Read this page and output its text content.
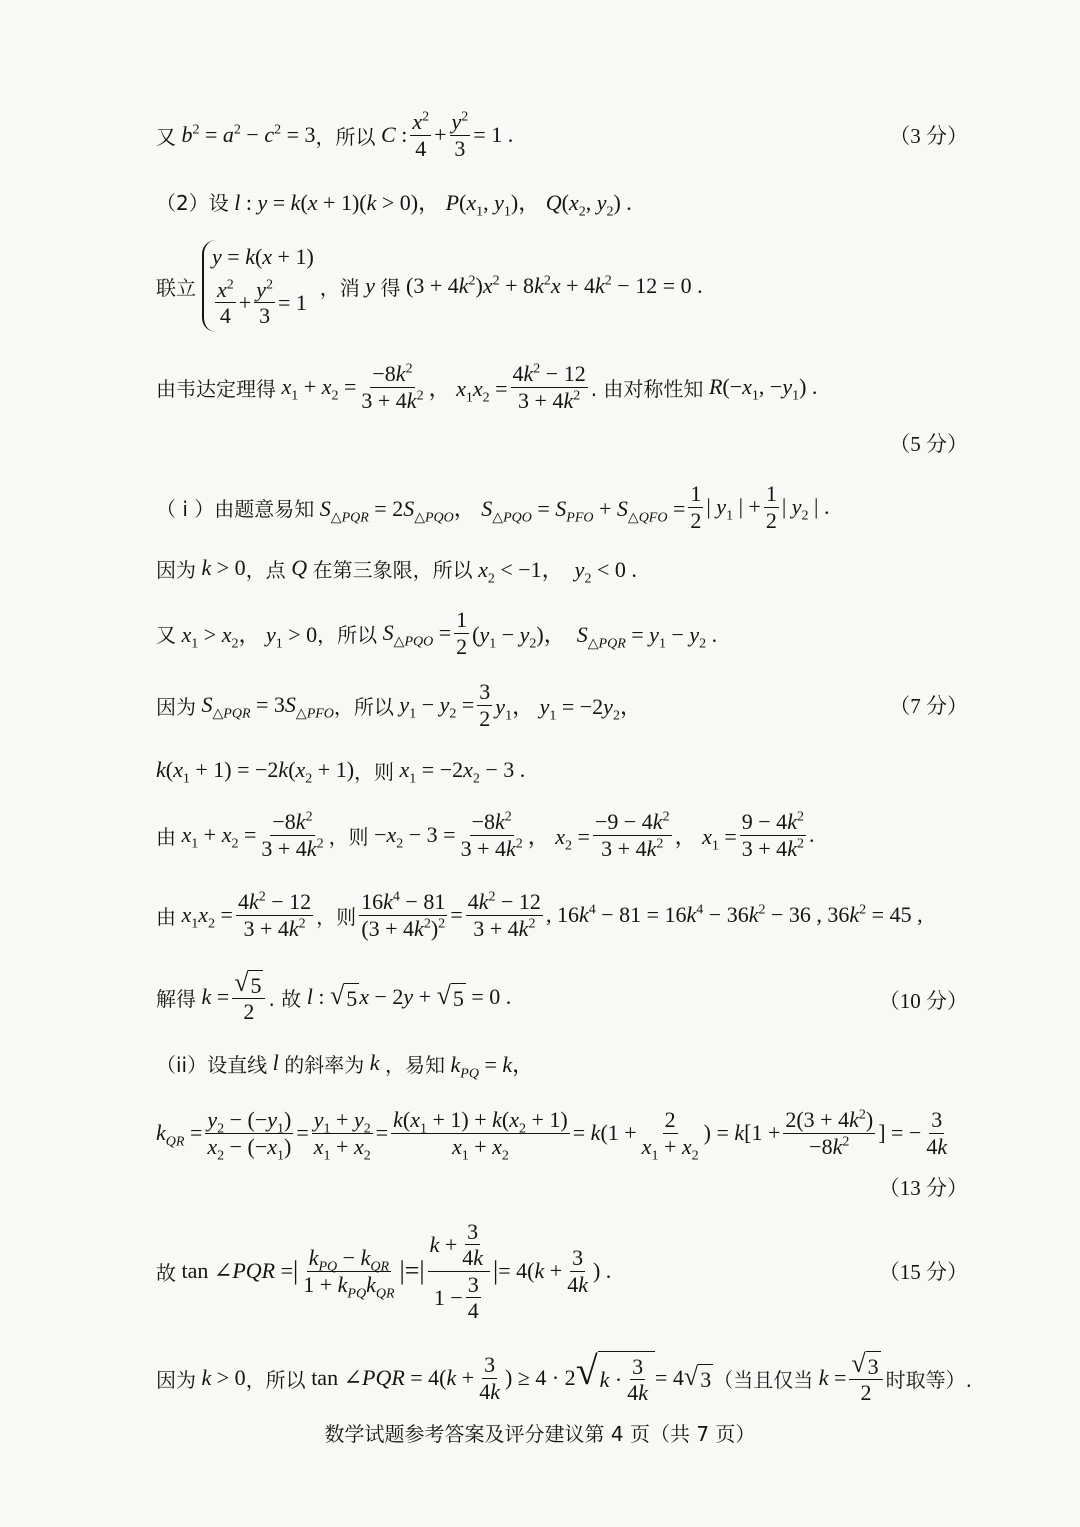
又 $b^2 = a^2 - c^2 = 3$ ，所以 C : $\frac{x^2}{4} + \frac{y^2}{3} = 1$ .	（3 分）
（2）设 l : y = k(x + 1)(k > 0)， $P(x_1$, $y_1$)， $Q(x_2$, $y_2$) .
联立
y = k(x + 1)
$\frac{x^2}{4} + \frac{y^2}{3} = 1$
，消 y 得 $(3 + 4k^2)x^2 + 8k^2x + 4k^2 - 12 = 0$ .
由韦达定理得 $x_1 + x_2 = \frac{-8k^2}{3 + 4k^2}$ ， $x_1x_2 = \frac{4k^2 - 12}{3 + 4k^2}$ . 由对称性知 $R(-x_1$, $-y_1$) .
（5 分）
（ i ）由题意易知 $S_{\triangle PQR} = 2S_{\triangle PQO}$， $S_{\triangle PQO} = S_{PFO} + S_{\triangle QFO} = \frac{1}{2}$ | $y_1$ | + $\frac{1}{2}$ | $y_2$ | .
因为 k > 0 ，点 Q 在第三象限，所以 $x_2 < -1$，  $y_2 < 0$ .
又 $x_1 > x_2$， $y_1 > 0$ ，所以 $S_{\triangle PQO} = \frac{1}{2} (y_1 - y_2)$，  $S_{\triangle PQR} = y_1 - y_2$ .
因为 $S_{\triangle PQR} = 3S_{\triangle PFO}$ ，所以 $y_1 - y_2 = \frac{3}{2} y_1$， $y_1 = -2y_2$，	（7 分）
$k(x_1 + 1) = -2k(x_2 + 1)$ ，则 $x_1 = -2x_2 - 3$ .
由 $x_1 + x_2 = \frac{-8k^2}{3 + 4k^2}$ ，则 $-x_2 - 3 = \frac{-8k^2}{3 + 4k^2}$ ， $x_2 = \frac{-9 - 4k^2}{3 + 4k^2}$ ， $x_1 = \frac{9 - 4k^2}{3 + 4k^2}$ .
由 $x_1x_2 = \frac{4k^2 - 12}{3 + 4k^2}$ ，则 $\frac{16k^4 - 81}{(3 + 4k^2)^2} = \frac{4k^2 - 12}{3 + 4k^2}$ , $16k^4 - 81 = 16k^4 - 36k^2 - 36$ , $36k^2 = 45$ ,
解得 $k = \frac{√ 5}{2}$ . 故 l : √ 5 x − 2y + √ 5 = 0 .	（10 分）
（ii）设直线 l 的斜率为 k ，易知 $k_{PQ} = k$，
$k_{QR} = \frac{y_2 - (-y_1)}{x_2 - (-x_1)} = \frac{y_1 + y_2}{x_1 + x_2} = \frac{k(x_1 + 1) + k(x_2 + 1)}{x_1 + x_2} = k(1 + \frac{2}{x_1 + x_2}$ ) = $k[1 + \frac{2(3 + 4k^2)}{-8k^2}$ ] = − $\frac{3}{4k}$
（13 分）
故 tan ∠PQR = | $\frac{k_{PQ} - k_{QR}}{1 + k_{PQ}k_{QR}}$ |=| $\frac{k + \frac{3}{4k}}{1 - \frac{3}{4}}$ | = $4(k + \frac{3}{4k}$ ) .	（15 分）
因为 k > 0 ，所以 tan ∠PQR = $4(k + \frac{3}{4k}$ ) ≥ 4 · 2 √ $k \cdot \frac{3}{4k} = 4$ √ 3 （当且仅当 $k = \frac{√ 3}{2}$ 时取等）.
数学试题参考答案及评分建议第 4 页（共 7 页）
